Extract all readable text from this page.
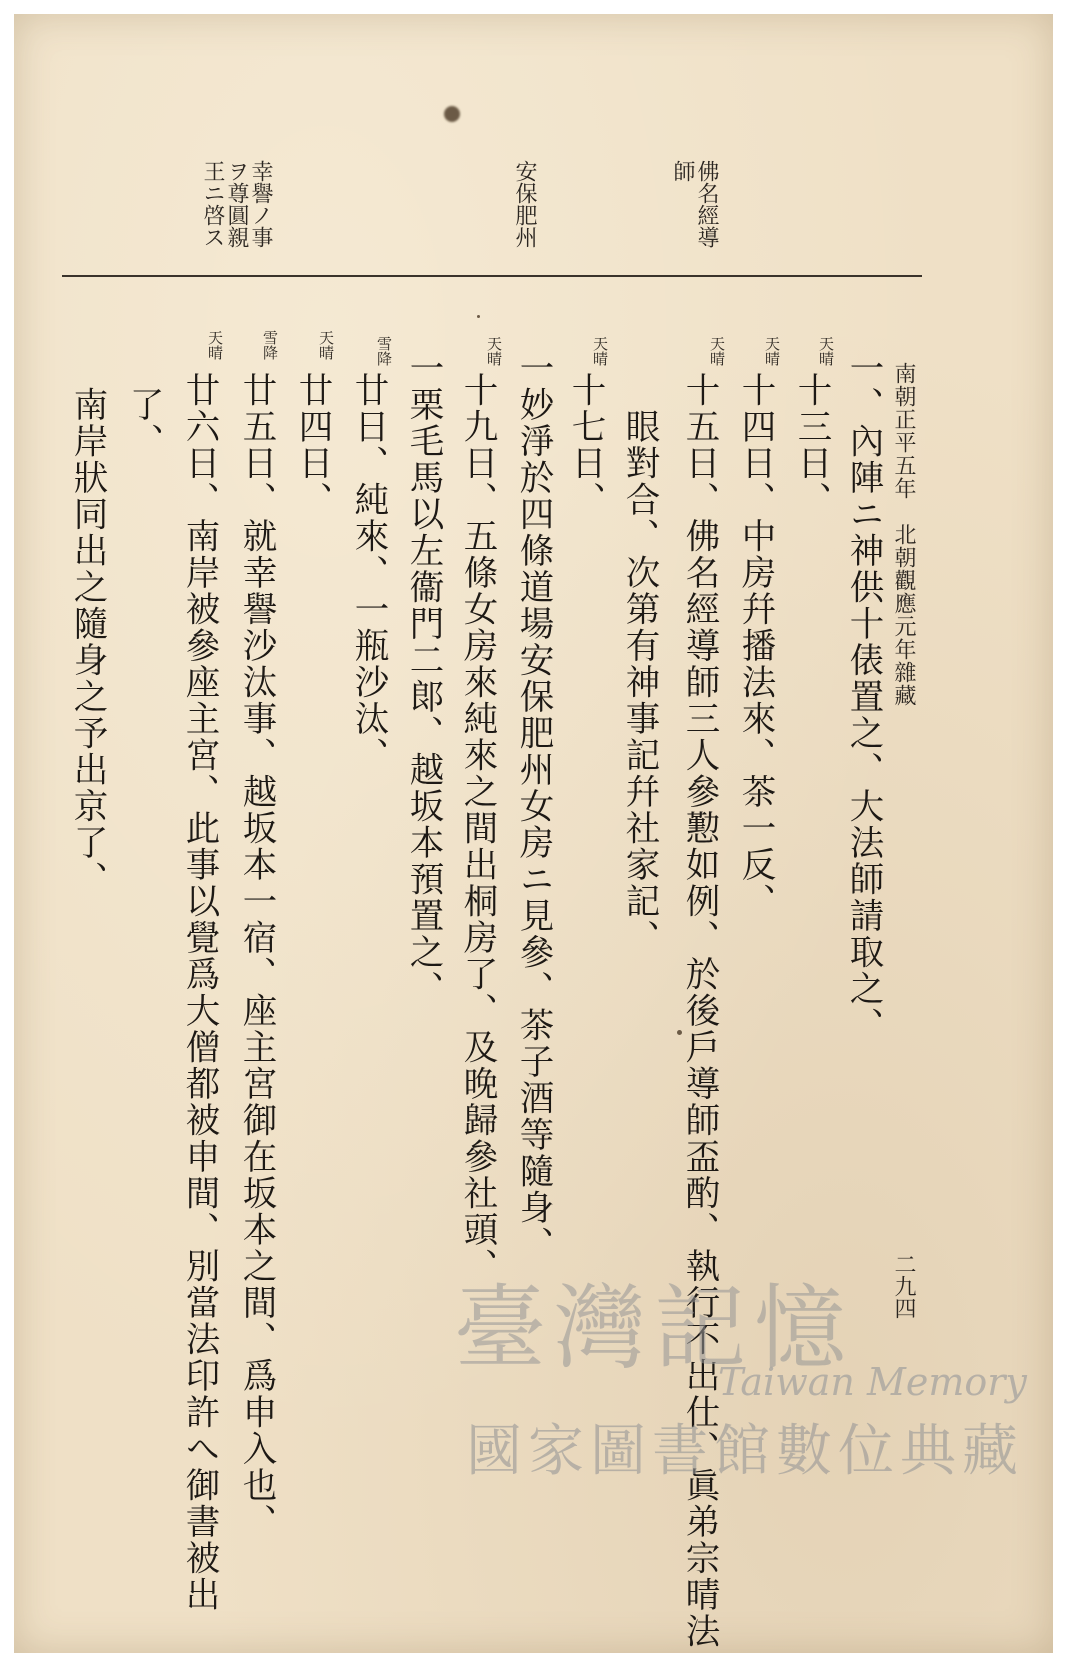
南朝正平五年　北朝觀應元年雜藏
佛名經導
師
安保肥州
幸譽ノ事
ヲ尊圓親
王ニ啓ス
一、內陣ニ神供十俵置之、大法師請取之、
天晴
十三日、
天晴
十四日、中房幷播法來、茶一反、
天晴
十五日、佛名經導師三人參懃如例、於後戶導師盃酌、執行不出仕、眞弟宗晴法
　眼對合、次第有神事記幷社家記、
天晴
十七日、
一妙淨於四條道場安保肥州女房ニ見參、茶子酒等隨身、
天晴
十九日、五條女房來純來之間出桐房了、及晚歸參社頭、
一栗毛馬以左衞門二郞、越坂本預置之、
雪降
廿日、純來、一瓶沙汰、
天晴
廿四日、
雪降
廿五日、就幸譽沙汰事、越坂本一宿、座主宮御在坂本之間、爲申入也、
天晴
廿六日、南岸被參座主宮、此事以覺爲大僧都被申間、別當法印許へ御書被出
　了、
　南岸狀同出之隨身之予出京了、
二九四
臺灣記憶
Taiwan Memory
國家圖書館數位典藏
